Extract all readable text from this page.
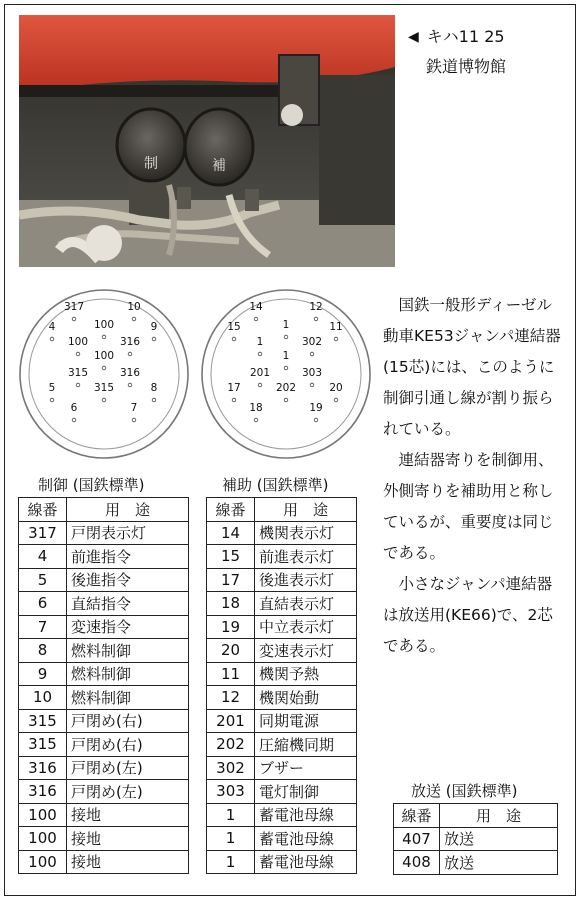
制	補
◀ キハ11 25
鉄道博物館
317	10
4	100	9
100	316
100
315	316
5	315	8
6	7
14	12
15	1	11
1	302
1
201	303
17	202	20
18	19
制御 (国鉄標準)
線番	用　途
317	戸閉表示灯
4	前進指令
5	後進指令
6	直結指令
7	変速指令
8	燃料制御
9	燃料制御
10	燃料制御
315	戸閉め(右)
315	戸閉め(右)
316	戸閉め(左)
316	戸閉め(左)
100	接地
100	接地
100	接地
補助 (国鉄標準)
線番	用　途
14	機関表示灯
15	前進表示灯
17	後進表示灯
18	直結表示灯
19	中立表示灯
20	変速表示灯
11	機関予熱
12	機関始動
201	同期電源
202	圧縮機同期
302	ブザー
303	電灯制御
1	蓄電池母線
1	蓄電池母線
1	蓄電池母線

国鉄一般形ディーゼル動車KE53ジャンパ連結器(15芯)には、このように制御引通し線が割り振られている。

連結器寄りを制御用、外側寄りを補助用と称しているが、重要度は同じである。

小さなジャンパ連結器は放送用(KE66)で、2芯である。

放送 (国鉄標準)
線番	用　途
407	放送
408	放送
